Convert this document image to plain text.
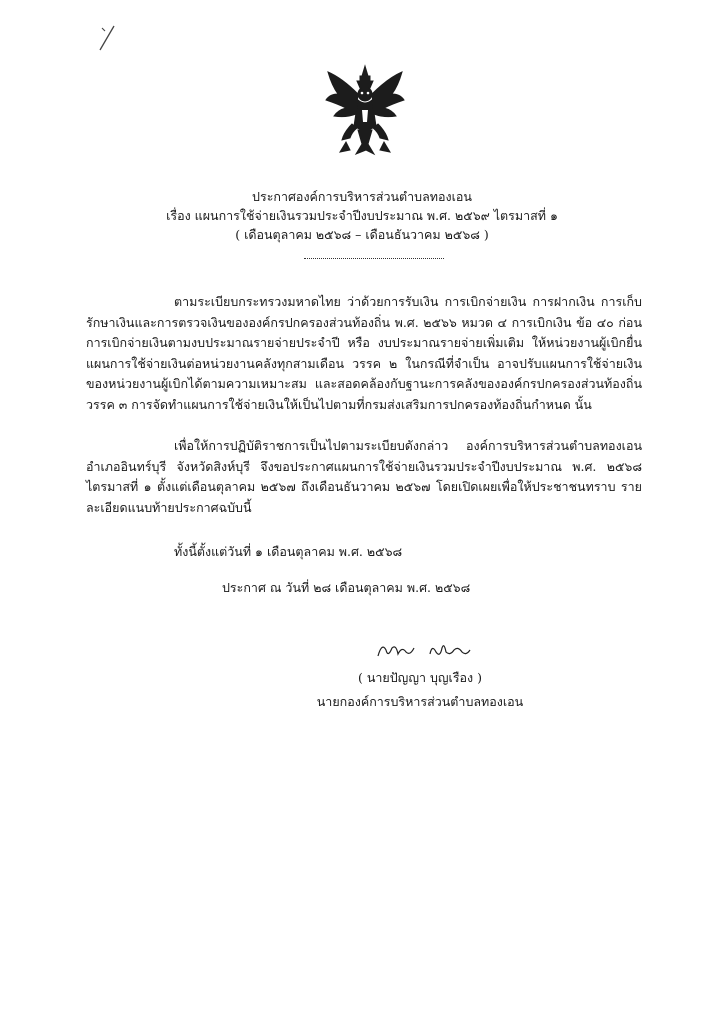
ประกาศองค์การบริหารส่วนตำบลทองเอน
เรื่อง แผนการใช้จ่ายเงินรวมประจำปีงบประมาณ พ.ศ. ๒๕๖๙ ไตรมาสที่ ๑
( เดือนตุลาคม ๒๕๖๘ – เดือนธันวาคม ๒๕๖๘ )

ตามระเบียบกระทรวงมหาดไทย ว่าด้วยการรับเงิน การเบิกจ่ายเงิน การฝากเงิน การเก็บรักษาเงินและการตรวจเงินขององค์กรปกครองส่วนท้องถิ่น พ.ศ. ๒๕๖๖ หมวด ๔ การเบิกเงิน ข้อ ๔๐ ก่อนการเบิกจ่ายเงินตามงบประมาณรายจ่ายประจำปี หรือ งบประมาณรายจ่ายเพิ่มเติม ให้หน่วยงานผู้เบิกยื่นแผนการใช้จ่ายเงินต่อหน่วยงานคลังทุกสามเดือน วรรค ๒ ในกรณีที่จำเป็น อาจปรับแผนการใช้จ่ายเงินของหน่วยงานผู้เบิกได้ตามความเหมาะสม และสอดคล้องกับฐานะการคลังขององค์กรปกครองส่วนท้องถิ่น วรรค ๓ การจัดทำแผนการใช้จ่ายเงินให้เป็นไปตามที่กรมส่งเสริมการปกครองท้องถิ่นกำหนด นั้น

เพื่อให้การปฏิบัติราชการเป็นไปตามระเบียบดังกล่าว องค์การบริหารส่วนตำบลทองเอน อำเภออินทร์บุรี จังหวัดสิงห์บุรี จึงขอประกาศแผนการใช้จ่ายเงินรวมประจำปีงบประมาณ พ.ศ. ๒๕๖๘ ไตรมาสที่ ๑ ตั้งแต่เดือนตุลาคม ๒๕๖๗ ถึงเดือนธันวาคม ๒๕๖๗ โดยเปิดเผยเพื่อให้ประชาชนทราบ รายละเอียดแนบท้ายประกาศฉบับนี้

ทั้งนี้ตั้งแต่วันที่ ๑ เดือนตุลาคม พ.ศ. ๒๕๖๘
ประกาศ ณ วันที่ ๒๘ เดือนตุลาคม พ.ศ. ๒๕๖๘
( นายปัญญา บุญเรือง )
นายกองค์การบริหารส่วนตำบลทองเอน
